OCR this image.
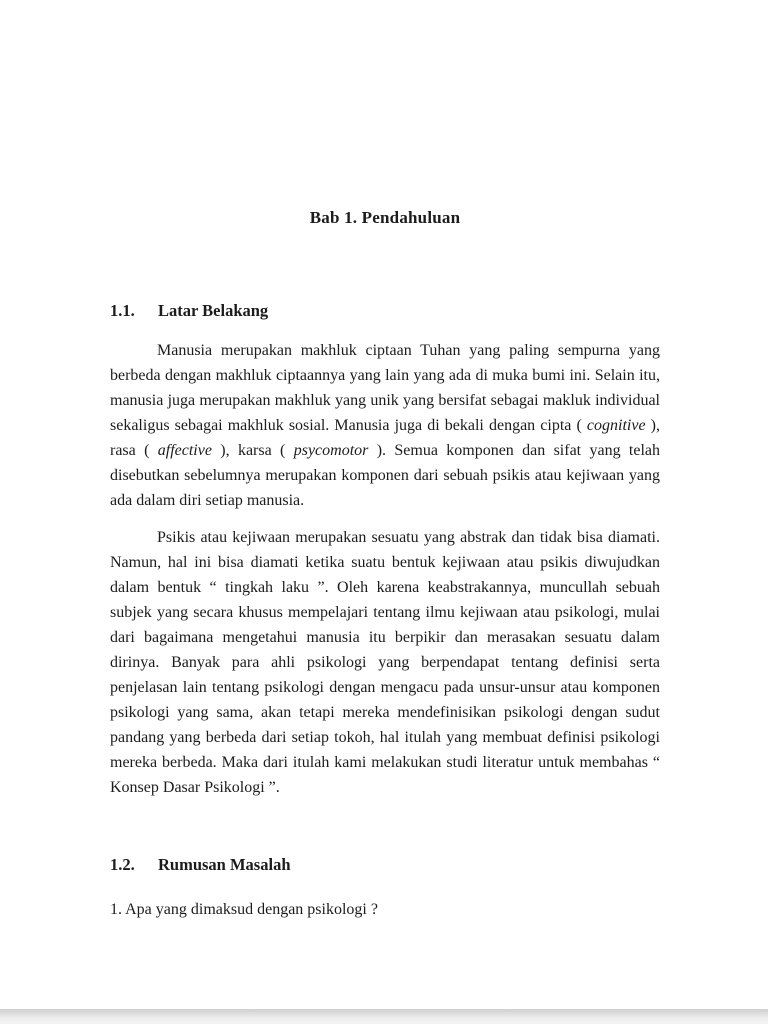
Bab 1. Pendahuluan
1.1.	Latar Belakang

Manusia merupakan makhluk ciptaan Tuhan yang paling sempurna yang berbeda dengan makhluk ciptaannya yang lain yang ada di muka bumi ini. Selain itu, manusia juga merupakan makhluk yang unik yang bersifat sebagai makluk individual sekaligus sebagai makhluk sosial. Manusia juga di bekali dengan cipta ( cognitive ), rasa ( affective ), karsa ( psycomotor ). Semua komponen dan sifat yang telah disebutkan sebelumnya merupakan komponen dari sebuah psikis atau kejiwaan yang ada dalam diri setiap manusia.

Psikis atau kejiwaan merupakan sesuatu yang abstrak dan tidak bisa diamati. Namun, hal ini bisa diamati ketika suatu bentuk kejiwaan atau psikis diwujudkan dalam bentuk “ tingkah laku ”. Oleh karena keabstrakannya, muncullah sebuah subjek yang secara khusus mempelajari tentang ilmu kejiwaan atau psikologi, mulai dari bagaimana mengetahui manusia itu berpikir dan merasakan sesuatu dalam dirinya. Banyak para ahli psikologi yang berpendapat tentang definisi serta penjelasan lain tentang psikologi dengan mengacu pada unsur-unsur atau komponen psikologi yang sama, akan tetapi mereka mendefinisikan psikologi dengan sudut pandang yang berbeda dari setiap tokoh, hal itulah yang membuat definisi psikologi mereka berbeda. Maka dari itulah kami melakukan studi literatur untuk membahas “ Konsep Dasar Psikologi ”.

1.2.	Rumusan Masalah

1. Apa yang dimaksud dengan psikologi ?
